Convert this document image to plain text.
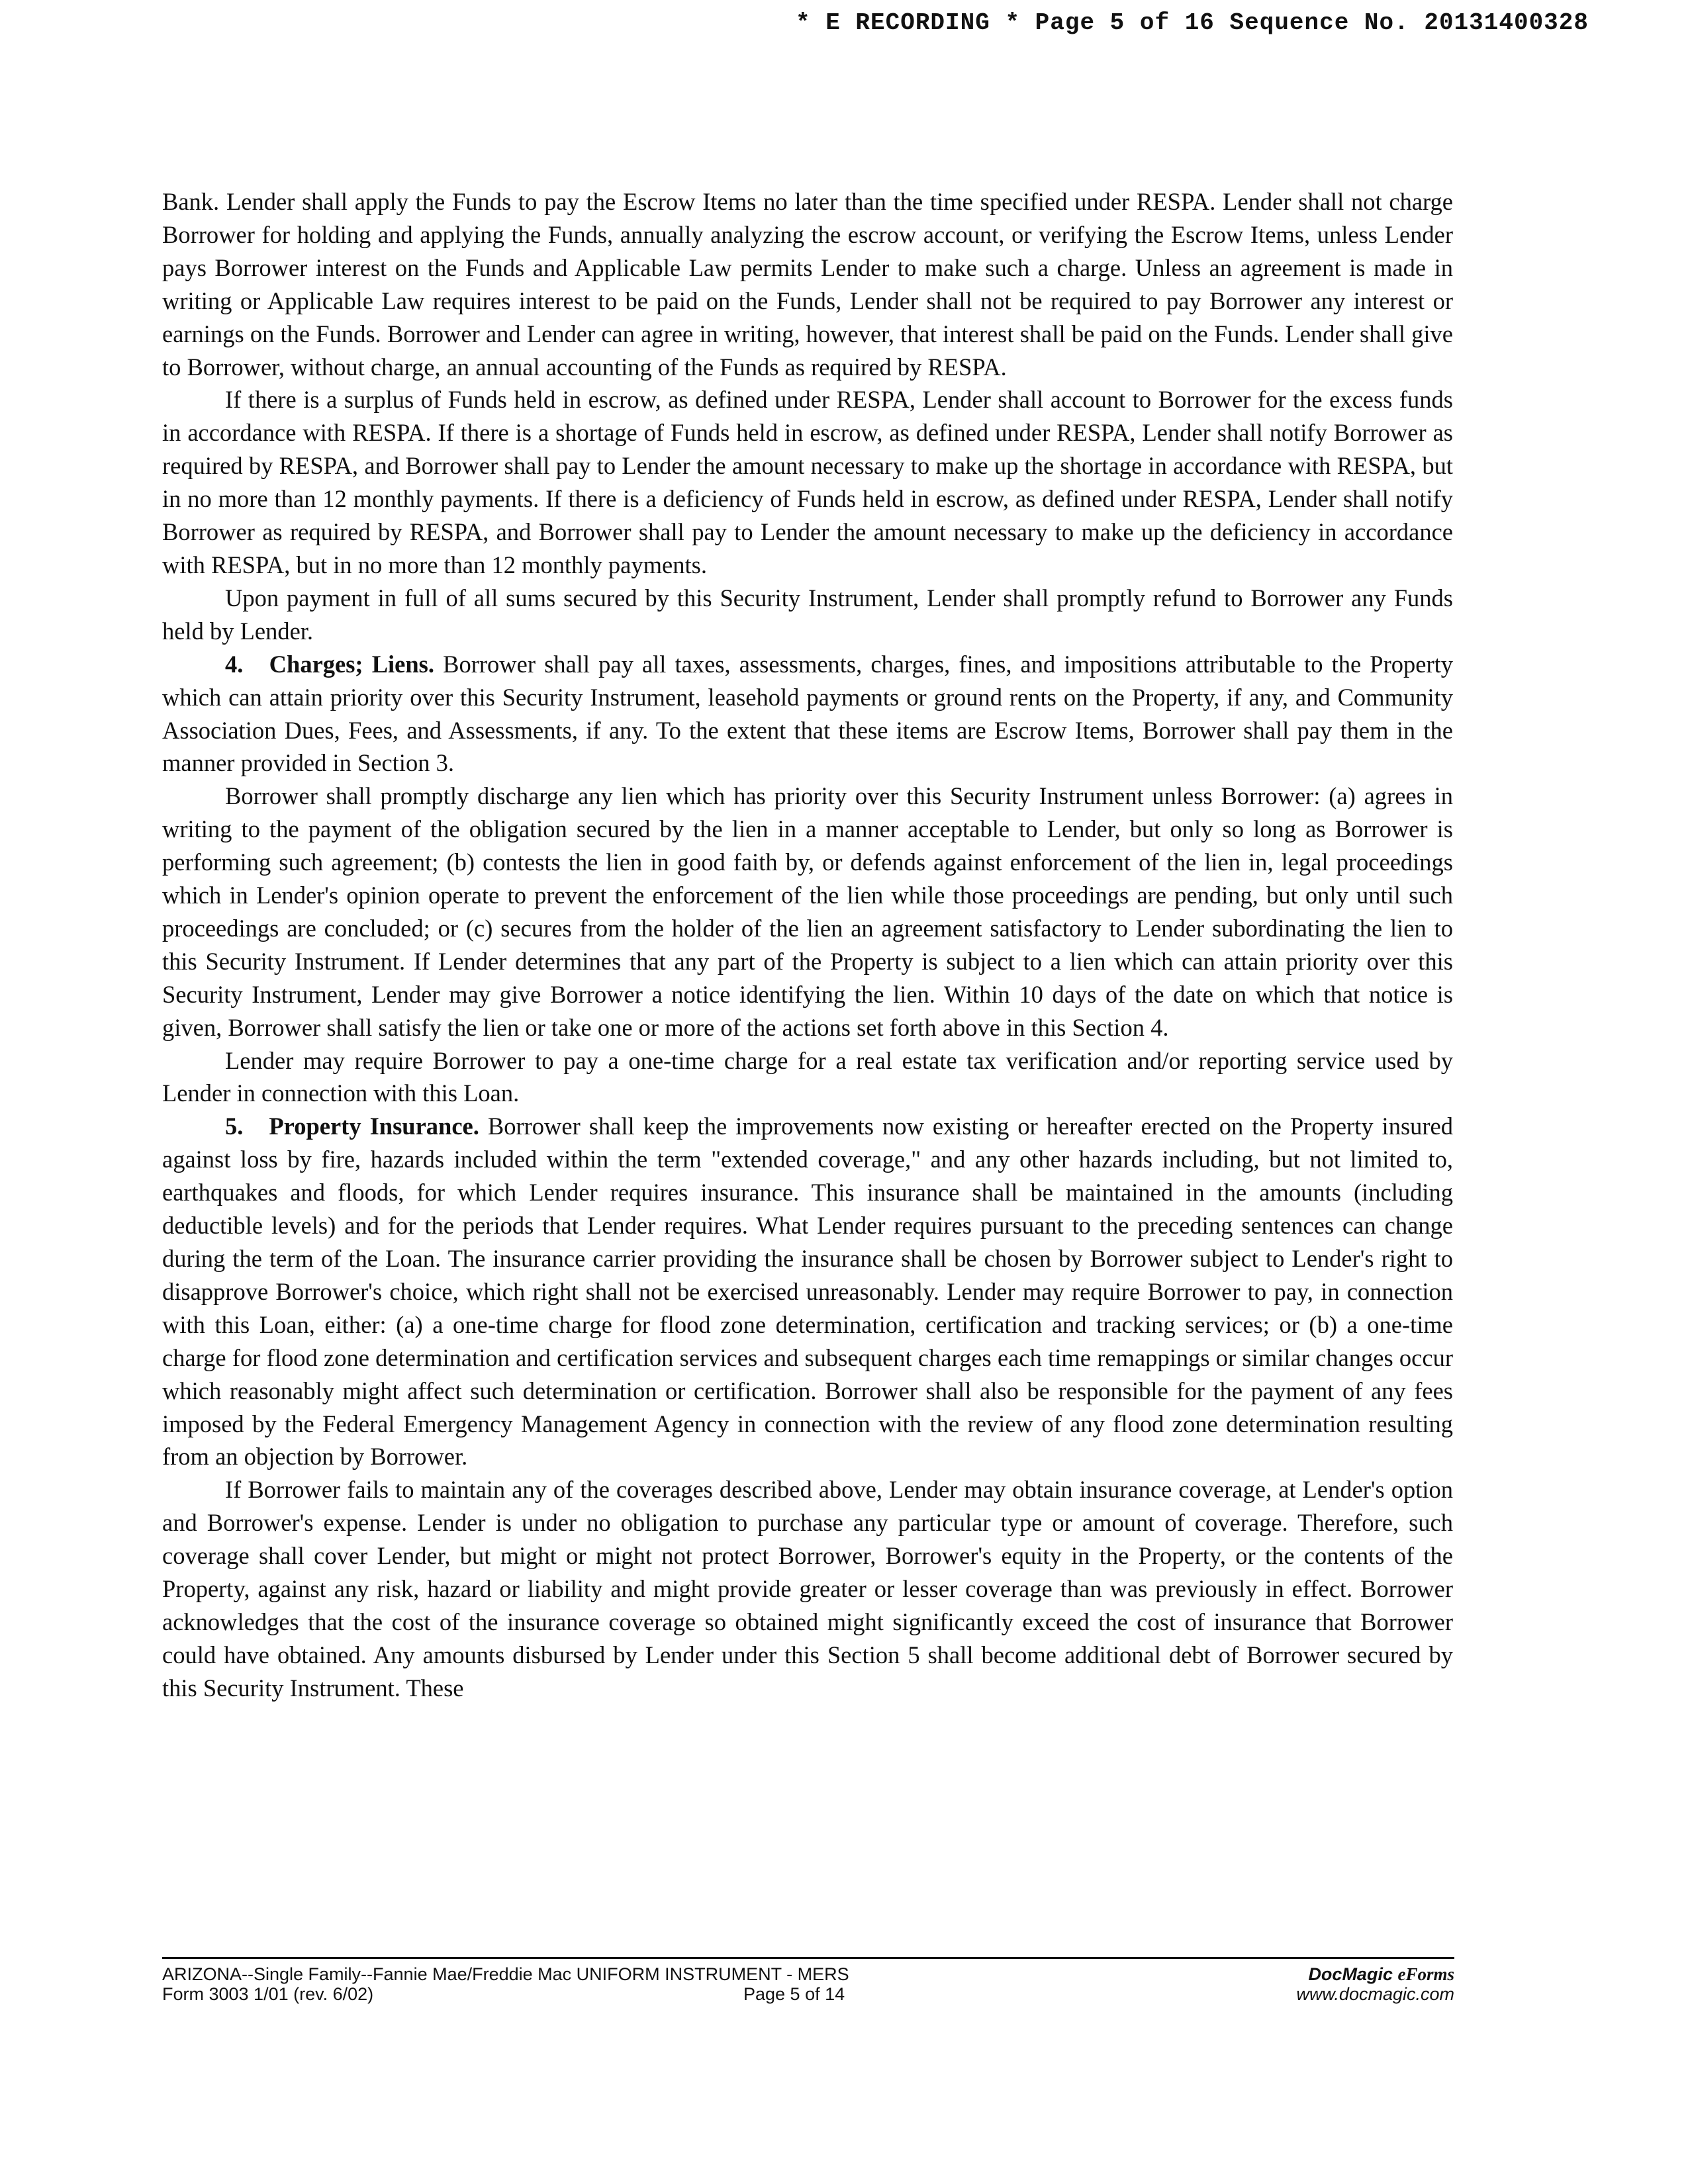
* E RECORDING * Page 5 of 16 Sequence No. 20131400328

Bank. Lender shall apply the Funds to pay the Escrow Items no later than the time specified under RESPA. Lender shall not charge Borrower for holding and applying the Funds, annually analyzing the escrow account, or verifying the Escrow Items, unless Lender pays Borrower interest on the Funds and Applicable Law permits Lender to make such a charge. Unless an agreement is made in writing or Applicable Law requires interest to be paid on the Funds, Lender shall not be required to pay Borrower any interest or earnings on the Funds. Borrower and Lender can agree in writing, however, that interest shall be paid on the Funds. Lender shall give to Borrower, without charge, an annual accounting of the Funds as required by RESPA.

If there is a surplus of Funds held in escrow, as defined under RESPA, Lender shall account to Borrower for the excess funds in accordance with RESPA. If there is a shortage of Funds held in escrow, as defined under RESPA, Lender shall notify Borrower as required by RESPA, and Borrower shall pay to Lender the amount necessary to make up the shortage in accordance with RESPA, but in no more than 12 monthly payments. If there is a deficiency of Funds held in escrow, as defined under RESPA, Lender shall notify Borrower as required by RESPA, and Borrower shall pay to Lender the amount necessary to make up the deficiency in accordance with RESPA, but in no more than 12 monthly payments.

Upon payment in full of all sums secured by this Security Instrument, Lender shall promptly refund to Borrower any Funds held by Lender.

4. Charges; Liens. Borrower shall pay all taxes, assessments, charges, fines, and impositions attributable to the Property which can attain priority over this Security Instrument, leasehold payments or ground rents on the Property, if any, and Community Association Dues, Fees, and Assessments, if any. To the extent that these items are Escrow Items, Borrower shall pay them in the manner provided in Section 3.

Borrower shall promptly discharge any lien which has priority over this Security Instrument unless Borrower: (a) agrees in writing to the payment of the obligation secured by the lien in a manner acceptable to Lender, but only so long as Borrower is performing such agreement; (b) contests the lien in good faith by, or defends against enforcement of the lien in, legal proceedings which in Lender's opinion operate to prevent the enforcement of the lien while those proceedings are pending, but only until such proceedings are concluded; or (c) secures from the holder of the lien an agreement satisfactory to Lender subordinating the lien to this Security Instrument. If Lender determines that any part of the Property is subject to a lien which can attain priority over this Security Instrument, Lender may give Borrower a notice identifying the lien. Within 10 days of the date on which that notice is given, Borrower shall satisfy the lien or take one or more of the actions set forth above in this Section 4.

Lender may require Borrower to pay a one-time charge for a real estate tax verification and/or reporting service used by Lender in connection with this Loan.

5. Property Insurance. Borrower shall keep the improvements now existing or hereafter erected on the Property insured against loss by fire, hazards included within the term "extended coverage," and any other hazards including, but not limited to, earthquakes and floods, for which Lender requires insurance. This insurance shall be maintained in the amounts (including deductible levels) and for the periods that Lender requires. What Lender requires pursuant to the preceding sentences can change during the term of the Loan. The insurance carrier providing the insurance shall be chosen by Borrower subject to Lender's right to disapprove Borrower's choice, which right shall not be exercised unreasonably. Lender may require Borrower to pay, in connection with this Loan, either: (a) a one-time charge for flood zone determination, certification and tracking services; or (b) a one-time charge for flood zone determination and certification services and subsequent charges each time remappings or similar changes occur which reasonably might affect such determination or certification. Borrower shall also be responsible for the payment of any fees imposed by the Federal Emergency Management Agency in connection with the review of any flood zone determination resulting from an objection by Borrower.

If Borrower fails to maintain any of the coverages described above, Lender may obtain insurance coverage, at Lender's option and Borrower's expense. Lender is under no obligation to purchase any particular type or amount of coverage. Therefore, such coverage shall cover Lender, but might or might not protect Borrower, Borrower's equity in the Property, or the contents of the Property, against any risk, hazard or liability and might provide greater or lesser coverage than was previously in effect. Borrower acknowledges that the cost of the insurance coverage so obtained might significantly exceed the cost of insurance that Borrower could have obtained. Any amounts disbursed by Lender under this Section 5 shall become additional debt of Borrower secured by this Security Instrument. These

ARIZONA--Single Family--Fannie Mae/Freddie Mac UNIFORM INSTRUMENT - MERS
Form 3003 1/01 (rev. 6/02)	Page 5 of 14
DocMagic eForms
www.docmagic.com
